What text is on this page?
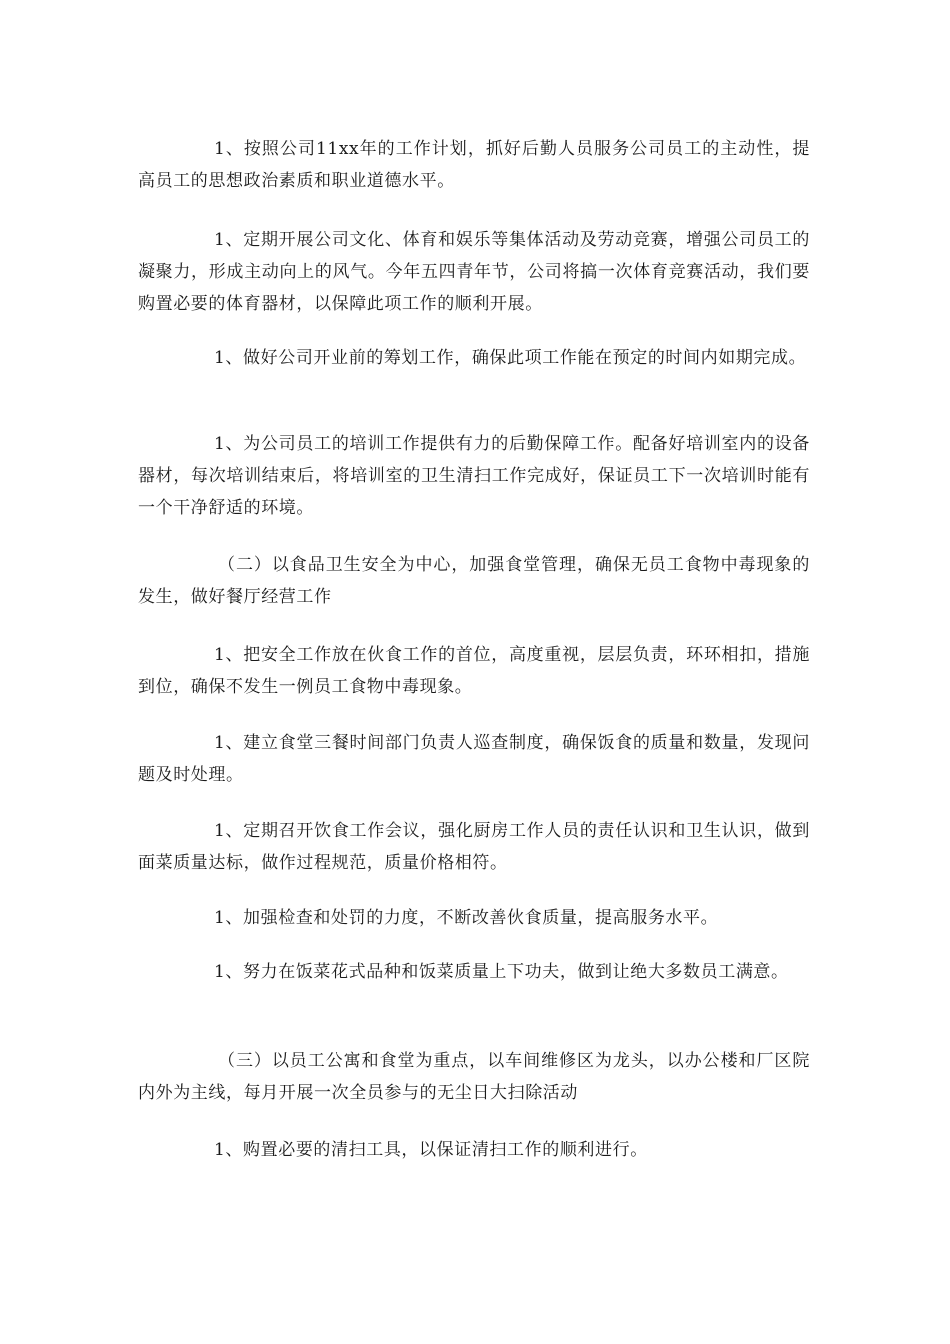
1、按照公司11xx年的工作计划，抓好后勤人员服务公司员工的主动性，提高员工的思想政治素质和职业道德水平。

1、定期开展公司文化、体育和娱乐等集体活动及劳动竞赛，增强公司员工的凝聚力，形成主动向上的风气。今年五四青年节，公司将搞一次体育竞赛活动，我们要购置必要的体育器材，以保障此项工作的顺利开展。

1、做好公司开业前的筹划工作，确保此项工作能在预定的时间内如期完成。

1、为公司员工的培训工作提供有力的后勤保障工作。配备好培训室内的设备器材，每次培训结束后，将培训室的卫生清扫工作完成好，保证员工下一次培训时能有一个干净舒适的环境。

（二）以食品卫生安全为中心，加强食堂管理，确保无员工食物中毒现象的发生，做好餐厅经营工作

1、把安全工作放在伙食工作的首位，高度重视，层层负责，环环相扣，措施到位，确保不发生一例员工食物中毒现象。

1、建立食堂三餐时间部门负责人巡查制度，确保饭食的质量和数量，发现问题及时处理。

1、定期召开饮食工作会议，强化厨房工作人员的责任认识和卫生认识，做到面菜质量达标，做作过程规范，质量价格相符。

1、加强检查和处罚的力度，不断改善伙食质量，提高服务水平。

1、努力在饭菜花式品种和饭菜质量上下功夫，做到让绝大多数员工满意。

（三）以员工公寓和食堂为重点，以车间维修区为龙头，以办公楼和厂区院内外为主线，每月开展一次全员参与的无尘日大扫除活动

1、购置必要的清扫工具，以保证清扫工作的顺利进行。
